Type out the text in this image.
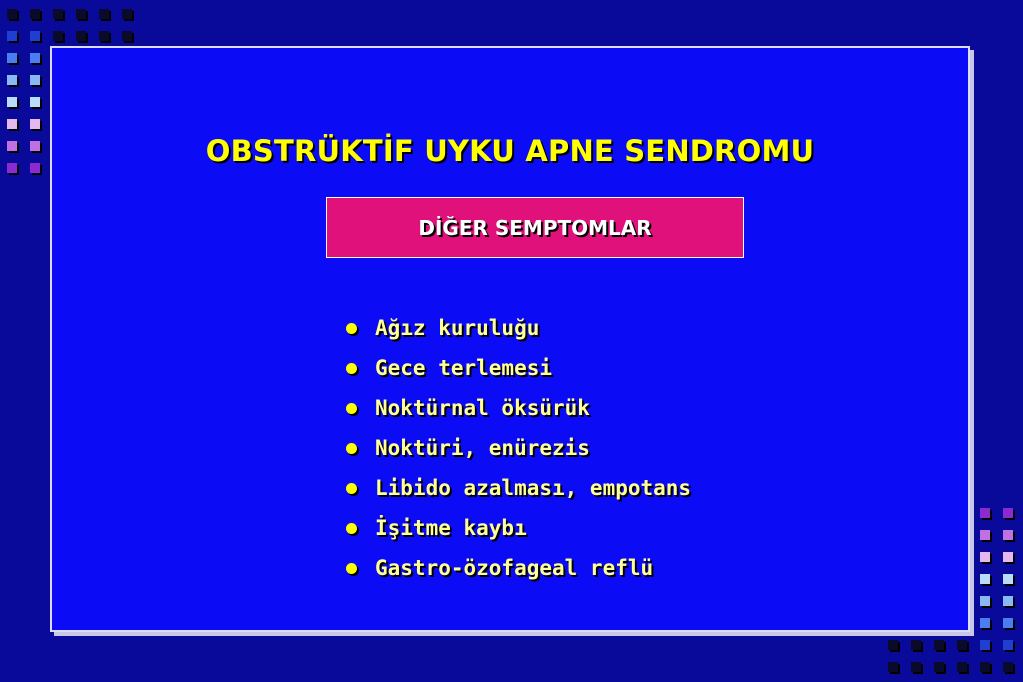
OBSTRÜKTİF UYKU APNE SENDROMU
DİĞER SEMPTOMLAR
Ağız kuruluğu
Gece terlemesi
Noktürnal öksürük
Noktüri, enürezis
Libido azalması, empotans
İşitme kaybı
Gastro-özofageal reflü
